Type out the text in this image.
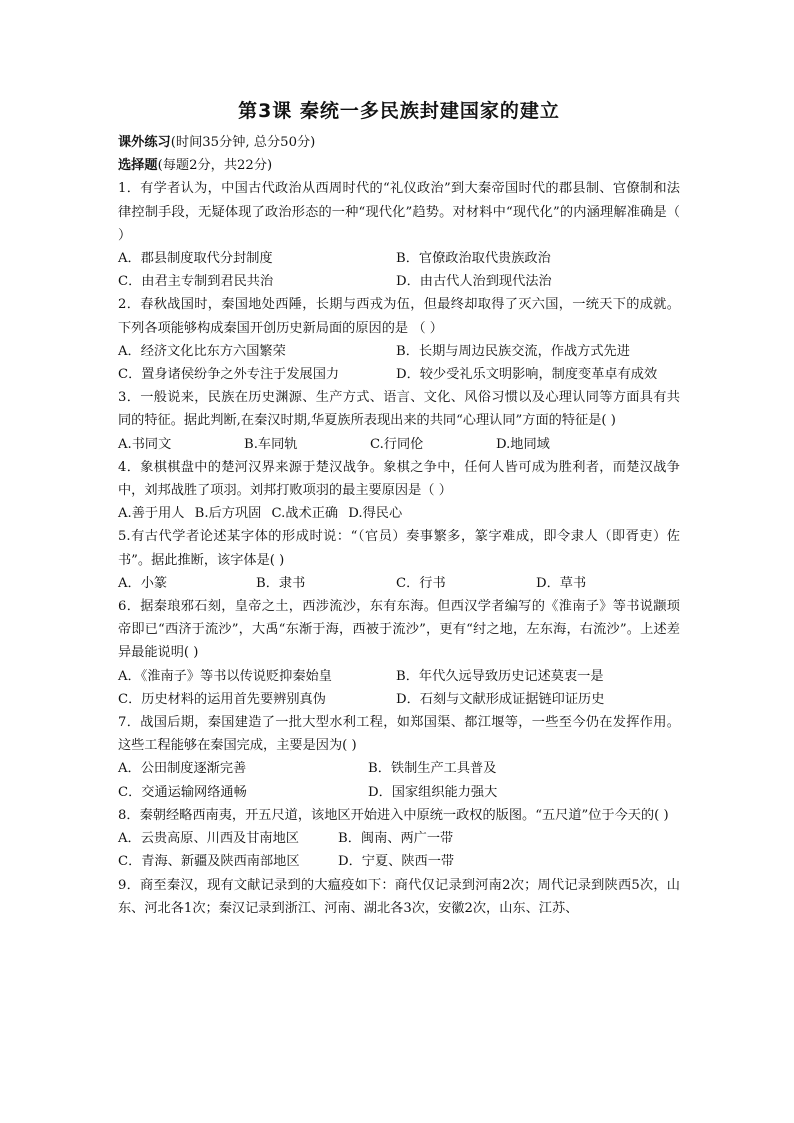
第3课 秦统一多民族封建国家的建立
课外练习(时间35分钟, 总分50分)
选择题(每题2分，共22分)
1．有学者认为，中国古代政治从西周时代的“礼仪政治”到大秦帝国时代的郡县制、官僚制和法律控制手段，无疑体现了政治形态的一种“现代化”趋势。对材料中“现代化”的内涵理解准确是（ ）
A．郡县制度取代分封制度	B．官僚政治取代贵族政治
C．由君主专制到君民共治	D．由古代人治到现代法治
2．春秋战国时，秦国地处西陲，长期与西戎为伍，但最终却取得了灭六国，一统天下的成就。下列各项能够构成秦国开创历史新局面的原因的是 （ ）
A．经济文化比东方六国繁荣	B．长期与周边民族交流，作战方式先进
C．置身诸侯纷争之外专注于发展国力	D．较少受礼乐文明影响，制度变革卓有成效
3．一般说来，民族在历史渊源、生产方式、语言、文化、风俗习惯以及心理认同等方面具有共同的特征。据此判断,在秦汉时期,华夏族所表现出来的共同“心理认同”方面的特征是( )
A.书同文	B.车同轨	C.行同伦	D.地同域
4．象棋棋盘中的楚河汉界来源于楚汉战争。象棋之争中，任何人皆可成为胜利者，而楚汉战争中，刘邦战胜了项羽。刘邦打败项羽的最主要原因是（ ）
A.善于用人 B.后方巩固 C.战术正确 D.得民心
5.有古代学者论述某字体的形成时说：“（官员）奏事繁多，篆字难成，即令隶人（即胥吏）佐书”。据此推断，该字体是( )
A．小篆	B．隶书	C．行书	D．草书
6．据秦琅邪石刻，皇帝之土，西涉流沙，东有东海。但西汉学者编写的《淮南子》等书说颛顼帝即已“西济于流沙”，大禹“东渐于海，西被于流沙”，更有“纣之地，左东海，右流沙”。上述差异最能说明( )
A．《淮南子》等书以传说贬抑秦始皇	B．年代久远导致历史记述莫衷一是
C．历史材料的运用首先要辨别真伪	D．石刻与文献形成证据链印证历史
7．战国后期，秦国建造了一批大型水利工程，如郑国渠、都江堰等，一些至今仍在发挥作用。这些工程能够在秦国完成，主要是因为( )
A．公田制度逐渐完善	B．铁制生产工具普及
C．交通运输网络通畅	D．国家组织能力强大
8．秦朝经略西南夷，开五尺道，该地区开始进入中原统一政权的版图。“五尺道”位于今天的( )
A．云贵高原、川西及甘南地区	B．闽南、两广一带
C．青海、新疆及陕西南部地区	D．宁夏、陕西一带
9．商至秦汉，现有文献记录到的大瘟疫如下：商代仅记录到河南2次；周代记录到陕西5次，山东、河北各1次；秦汉记录到浙江、河南、湖北各3次，安徽2次，山东、江苏、
